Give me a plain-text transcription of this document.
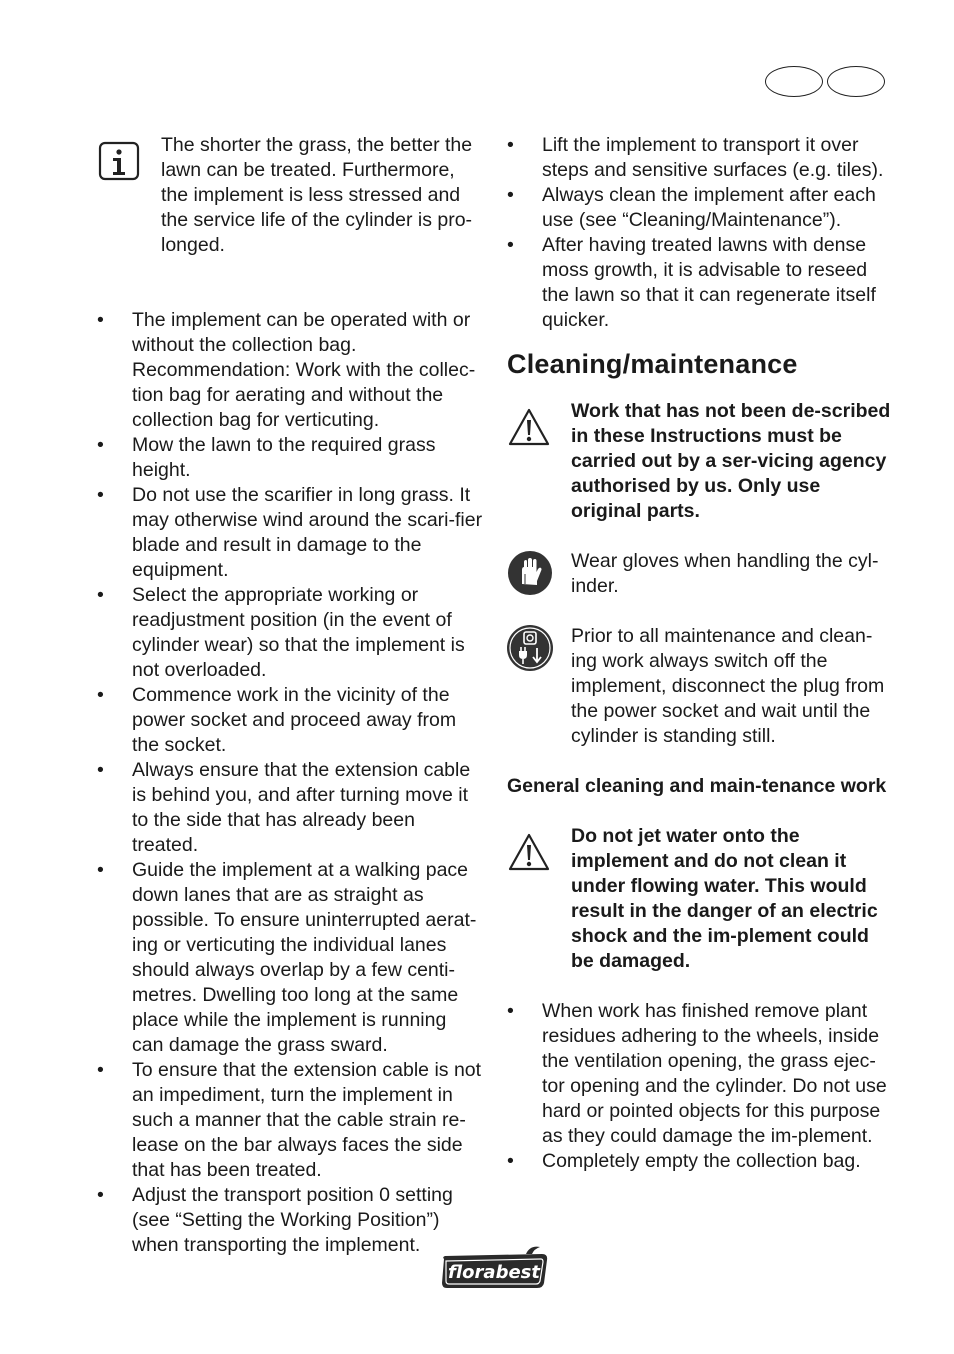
The shorter the grass, the better the lawn can be treated. Furthermore, the implement is less stressed and the service life of the cylinder is pro-longed.
• The implement can be operated with or without the collection bag. Recommendation: Work with the collec-tion bag for aerating and without the collection bag for verticuting.
• Mow the lawn to the required grass height.
• Do not use the scarifier in long grass. It may otherwise wind around the scari-fier blade and result in damage to the equipment.
• Select the appropriate working or readjustment position (in the event of cylinder wear) so that the implement is not overloaded.
• Commence work in the vicinity of the power socket and proceed away from the socket.
• Always ensure that the extension cable is behind you, and after turning move it to the side that has already been treated.
• Guide the implement at a walking pace down lanes that are as straight as possible. To ensure uninterrupted aerat-ing or verticuting the individual lanes should always overlap by a few centi-metres. Dwelling too long at the same place while the implement is running can damage the grass sward.
• To ensure that the extension cable is not an impediment, turn the implement in such a manner that the cable strain re-lease on the bar always faces the side that has been treated.
• Adjust the transport position 0 setting (see “Setting the Working Position”) when transporting the implement.
• Lift the implement to transport it over steps and sensitive surfaces (e.g. tiles).
• Always clean the implement after each use (see “Cleaning/Maintenance”).
• After having treated lawns with dense moss growth, it is advisable to reseed the lawn so that it can regenerate itself quicker.
Cleaning/maintenance
Work that has not been de-scribed in these Instructions must be carried out by a ser-vicing agency authorised by us. Only use original parts.
Wear gloves when handling the cyl-inder.
Prior to all maintenance and clean-ing work always switch off the implement, disconnect the plug from the power socket and wait until the cylinder is standing still.
General cleaning and main-tenance work
Do not jet water onto the implement and do not clean it under flowing water. This would result in the danger of an electric shock and the im-plement could be damaged.
• When work has finished remove plant residues adhering to the wheels, inside the ventilation opening, the grass ejec-tor opening and the cylinder. Do not use hard or pointed objects for this purpose as they could damage the im-plement.
• Completely empty the collection bag.
florabest
